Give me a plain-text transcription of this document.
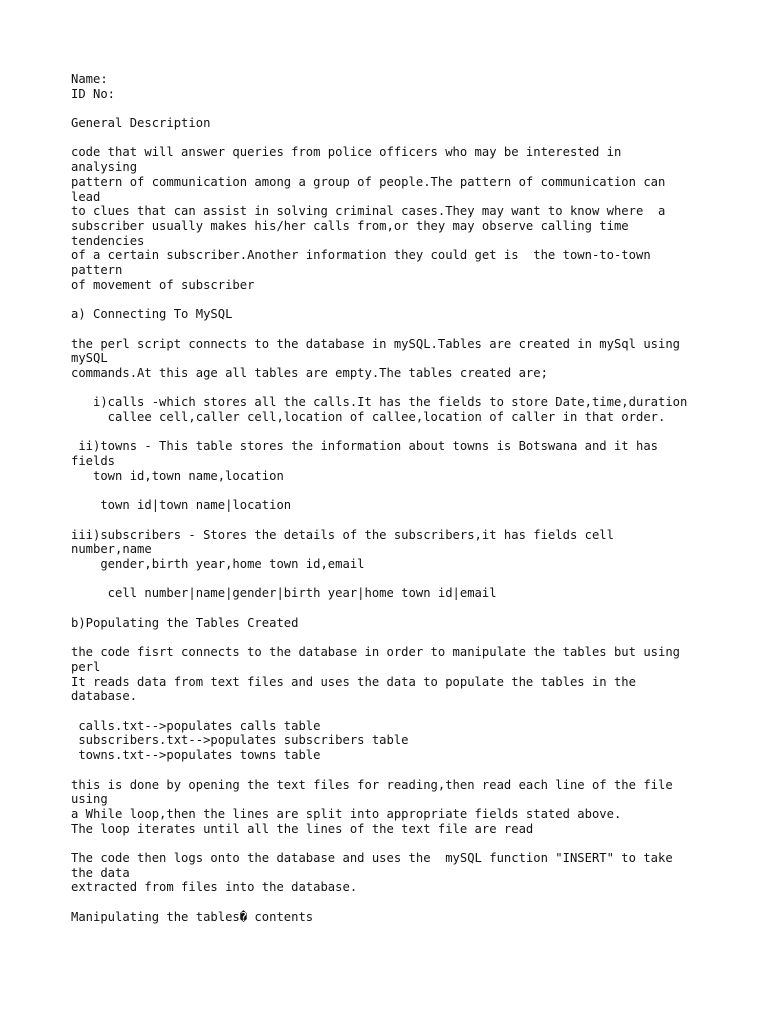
Name:
ID No:
General Description
code that will answer queries from police officers who may be interested in
analysing
pattern of communication among a group of people.The pattern of communication can
lead
to clues that can assist in solving criminal cases.They may want to know where  a
subscriber usually makes his/her calls from,or they may observe calling time
tendencies
of a certain subscriber.Another information they could get is  the town-to-town
pattern
of movement of subscriber
a) Connecting To MySQL
the perl script connects to the database in mySQL.Tables are created in mySql using
mySQL
commands.At this age all tables are empty.The tables created are;
i)calls -which stores all the calls.It has the fields to store Date,time,duration
callee cell,caller cell,location of callee,location of caller in that order.
ii)towns - This table stores the information about towns is Botswana and it has
fields
town id,town name,location
town id|town name|location
iii)subscribers - Stores the details of the subscribers,it has fields cell
number,name
gender,birth year,home town id,email
cell number|name|gender|birth year|home town id|email
b)Populating the Tables Created
the code fisrt connects to the database in order to manipulate the tables but using
perl
It reads data from text files and uses the data to populate the tables in the
database.
calls.txt-->populates calls table
subscribers.txt-->populates subscribers table
towns.txt-->populates towns table
this is done by opening the text files for reading,then read each line of the file
using
a While loop,then the lines are split into appropriate fields stated above.
The loop iterates until all the lines of the text file are read
The code then logs onto the database and uses the  mySQL function "INSERT" to take
the data
extracted from files into the database.
Manipulating the tables� contents
